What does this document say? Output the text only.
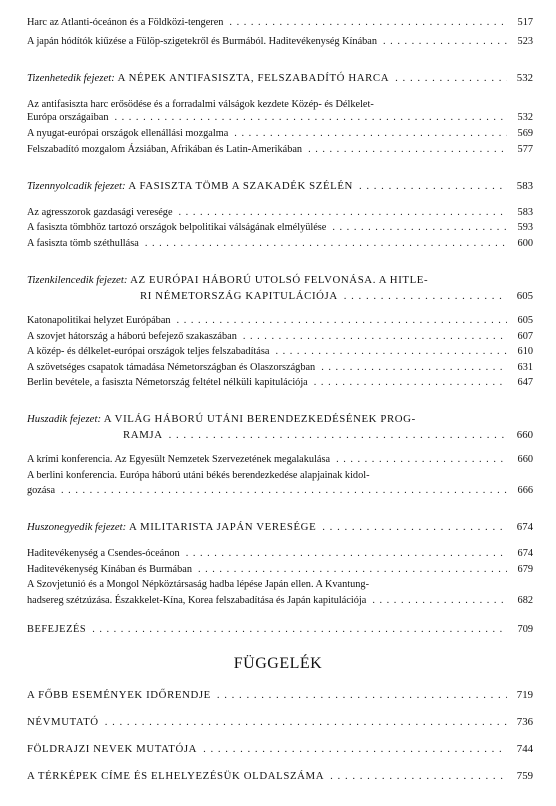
Harc az Atlanti-óceánon és a Földközi-tengeren . . .	517
A japán hódítók kiűzése a Fülöp-szigetekről és Burmából. Haditevékenység Kínában . . .	523
Tizenhetedik fejezet: A NÉPEK ANTIFASISZTA, FELSZABADÍTÓ HARCA . . .	532
Az antifasiszta harc erősödése és a forradalmi válságok kezdete Közép- és Délkelet-
Európa országaiban . . .	532
A nyugat-európai országok ellenállási mozgalma . . .	569
Felszabadító mozgalom Ázsiában, Afrikában és Latin-Amerikában . . .	577
Tizennyolcadik fejezet: A FASISZTA TÖMB A SZAKADÉK SZÉLÉN . . .	583
Az agresszorok gazdasági veresége . . .	583
A fasiszta tömbhöz tartozó országok belpolitikai válságának elmélyülése . . .	593
A fasiszta tömb széthullása . . .	600
Tizenkilencedik fejezet: AZ EURÓPAI HÁBORÚ UTOLSÓ FELVONÁSA. A HITLE-
RI NÉMETORSZÁG KAPITULÁCIÓJA . . .	605
Katonapolitikai helyzet Európában . . .	605
A szovjet hátország a háború befejező szakaszában . . .	607
A közép- és délkelet-európai országok teljes felszabadítása . . .	610
A szövetséges csapatok támadása Németországban és Olaszországban . . .	631
Berlin bevétele, a fasiszta Németország feltétel nélküli kapitulációja . . .	647
Huszadik fejezet: A VILÁG HÁBORÚ UTÁNI BERENDEZKEDÉSÉNEK PROG-
RAMJA . . .	660
A krími konferencia. Az Egyesült Nemzetek Szervezetének megalakulása . . .	660
A berlini konferencia. Európa háború utáni békés berendezkedése alapjainak kidol-
gozása . . .	666
Huszonegyedik fejezet: A MILITARISTA JAPÁN VERESÉGE . . .	674
Haditevékenység a Csendes-óceánon . . .	674
Haditevékenység Kínában és Burmában . . .	679
A Szovjetunió és a Mongol Népköztársaság hadba lépése Japán ellen. A Kvantung-
hadsereg szétzúzása. Északkelet-Kína, Korea felszabadítása és Japán kapitulációja . . .	682
BEFEJEZÉS . . .	709
FÜGGELÉK
A FŐBB ESEMÉNYEK IDŐRENDJE . . .	719
NÉVMUTATÓ . . .	736
FÖLDRAJZI NEVEK MUTATÓJA . . .	744
A TÉRKÉPEK CÍME ÉS ELHELYEZÉSÜK OLDALSZÁMA . . .	759
